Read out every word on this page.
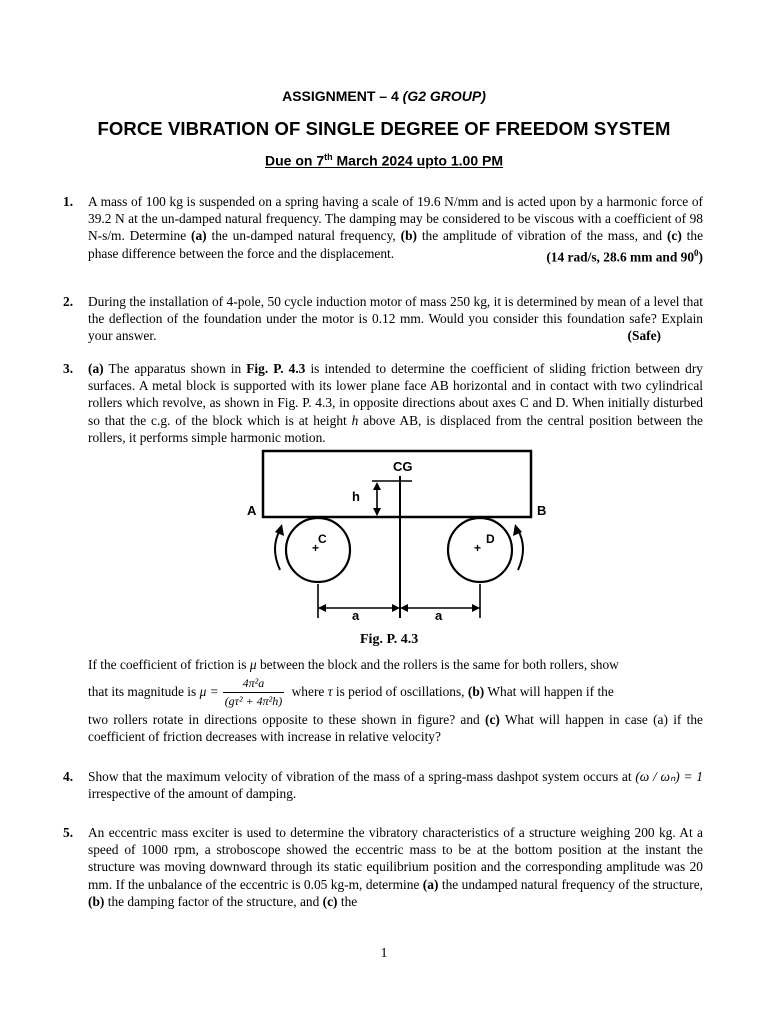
ASSIGNMENT – 4 (G2 GROUP)
FORCE VIBRATION OF SINGLE DEGREE OF FREEDOM SYSTEM
Due on 7th March 2024 upto 1.00 PM
1. A mass of 100 kg is suspended on a spring having a scale of 19.6 N/mm and is acted upon by a harmonic force of 39.2 N at the un-damped natural frequency. The damping may be considered to be viscous with a coefficient of 98 N-s/m. Determine (a) the un-damped natural frequency, (b) the amplitude of vibration of the mass, and (c) the phase difference between the force and the displacement.	(14 rad/s, 28.6 mm and $90^0$)
2. During the installation of 4-pole, 50 cycle induction motor of mass 250 kg, it is determined by mean of a level that the deflection of the foundation under the motor is 0.12 mm. Would you consider this foundation safe? Explain your answer.	(Safe)
3. (a) The apparatus shown in Fig. P. 4.3 is intended to determine the coefficient of sliding friction between dry surfaces. A metal block is supported with its lower plane face AB horizontal and in contact with two cylindrical rollers which revolve, as shown in Fig. P. 4.3, in opposite directions about axes C and D. When initially disturbed so that the c.g. of the block which is at height h above AB, is displaced from the central position between the rollers, it performs simple harmonic motion.
CG
h
A	B
C	D
+	+
a	a
Fig. P. 4.3
If the coefficient of friction is μ between the block and the rollers is the same for both rollers, show
that its magnitude is $\mu = \frac{\text{4π²a}}{\text{(gτ² + 4π²h)}}$ where τ is period of oscillations, (b) What will happen if the
two rollers rotate in directions opposite to these shown in figure? and (c) What will happen in case (a) if the coefficient of friction decreases with increase in relative velocity?
4. Show that the maximum velocity of vibration of the mass of a spring-mass dashpot system occurs at (ω / ωₙ) = 1 irrespective of the amount of damping.
5. An eccentric mass exciter is used to determine the vibratory characteristics of a structure weighing 200 kg. At a speed of 1000 rpm, a stroboscope showed the eccentric mass to be at the bottom position at the instant the structure was moving downward through its static equilibrium position and the corresponding amplitude was 20 mm. If the unbalance of the eccentric is 0.05 kg-m, determine (a) the undamped natural frequency of the structure, (b) the damping factor of the structure, and (c) the
1
